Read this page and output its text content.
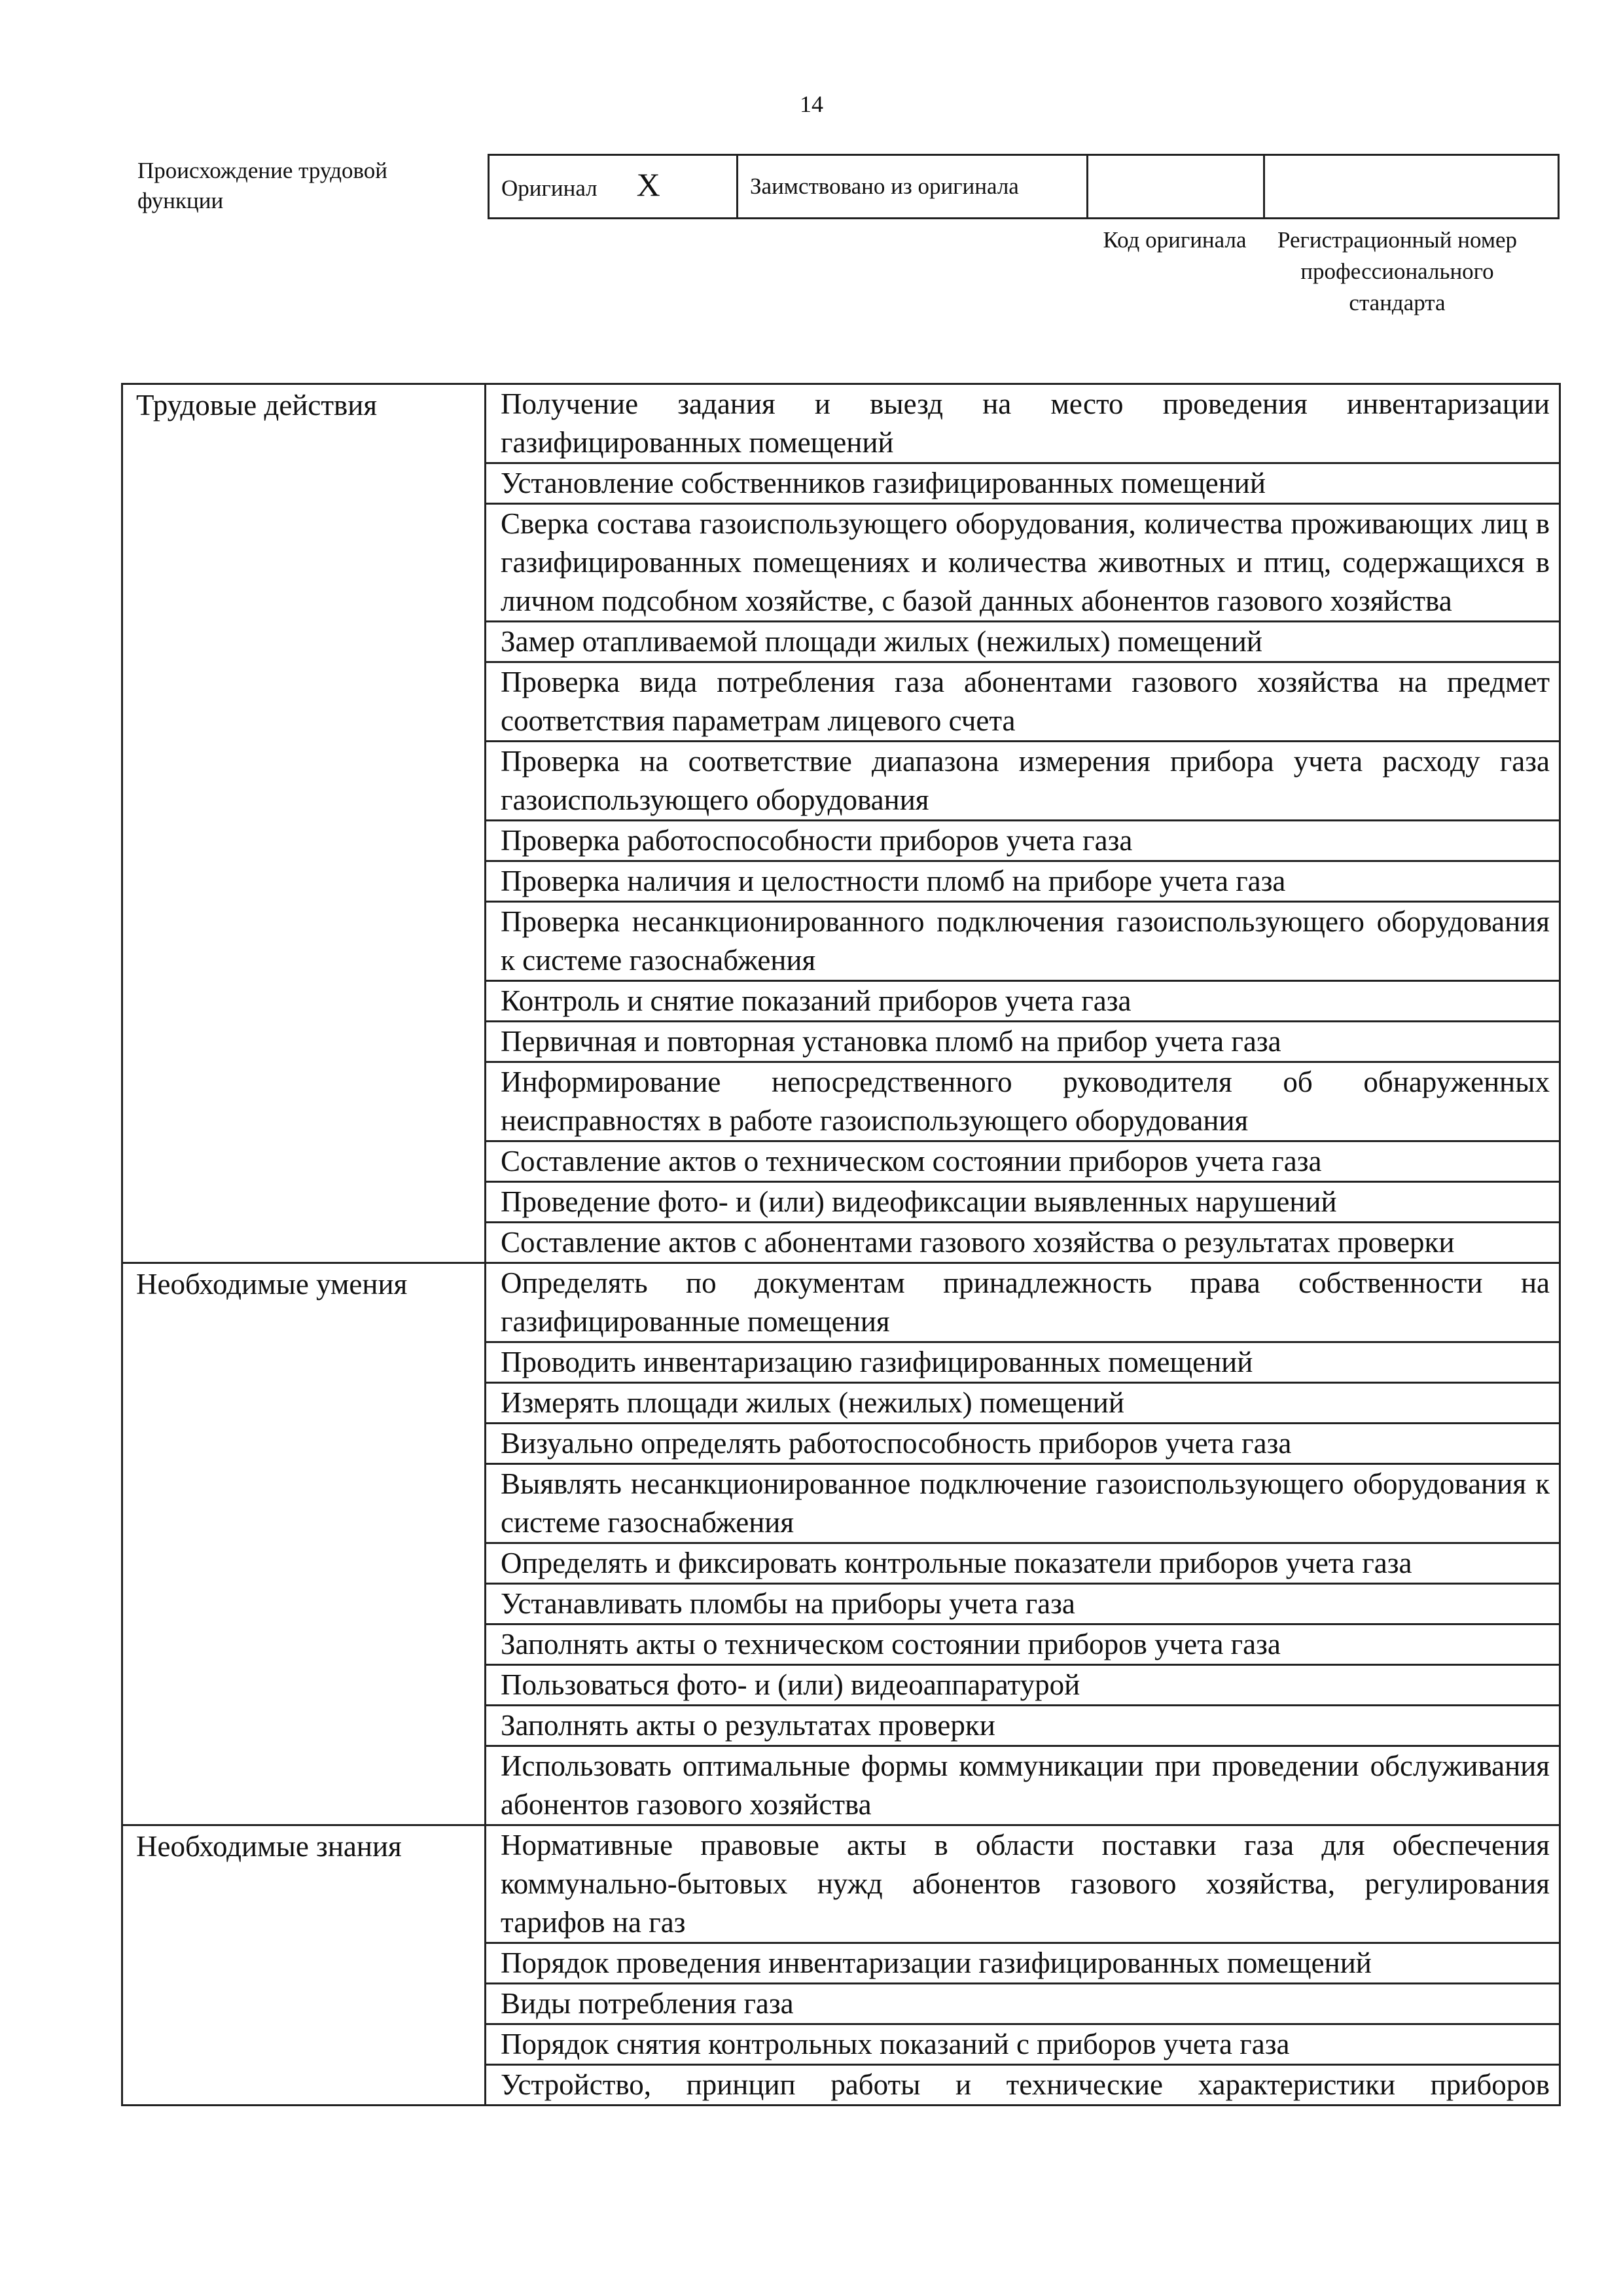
14
Происхождение трудовой функции	Оригинал X	Заимствовано из оригинала		
Код оригинала	Регистрационный номер профессионального стандарта
Трудовые действия	Получение задания и выезд на место проведения инвентаризации газифицированных помещений
	Установление собственников газифицированных помещений
	Сверка состава газоиспользующего оборудования, количества проживающих лиц в газифицированных помещениях и количества животных и птиц, содержащихся в личном подсобном хозяйстве, с базой данных абонентов газового хозяйства
	Замер отапливаемой площади жилых (нежилых) помещений
	Проверка вида потребления газа абонентами газового хозяйства на предмет соответствия параметрам лицевого счета
	Проверка на соответствие диапазона измерения прибора учета расходу газа газоиспользующего оборудования
	Проверка работоспособности приборов учета газа
	Проверка наличия и целостности пломб на приборе учета газа
	Проверка несанкционированного подключения газоиспользующего оборудования к системе газоснабжения
	Контроль и снятие показаний приборов учета газа
	Первичная и повторная установка пломб на прибор учета газа
	Информирование непосредственного руководителя об обнаруженных неисправностях в работе газоиспользующего оборудования
	Составление актов о техническом состоянии приборов учета газа
	Проведение фото- и (или) видеофиксации выявленных нарушений
	Составление актов с абонентами газового хозяйства о результатах проверки
Необходимые умения	Определять по документам принадлежность права собственности на газифицированные помещения
	Проводить инвентаризацию газифицированных помещений
	Измерять площади жилых (нежилых) помещений
	Визуально определять работоспособность приборов учета газа
	Выявлять несанкционированное подключение газоиспользующего оборудования к системе газоснабжения
	Определять и фиксировать контрольные показатели приборов учета газа
	Устанавливать пломбы на приборы учета газа
	Заполнять акты о техническом состоянии приборов учета газа
	Пользоваться фото- и (или) видеоаппаратурой
	Заполнять акты о результатах проверки
	Использовать оптимальные формы коммуникации при проведении обслуживания абонентов газового хозяйства
Необходимые знания	Нормативные правовые акты в области поставки газа для обеспечения коммунально-бытовых нужд абонентов газового хозяйства, регулирования тарифов на газ
	Порядок проведения инвентаризации газифицированных помещений
	Виды потребления газа
	Порядок снятия контрольных показаний с приборов учета газа
	Устройство, принцип работы и технические характеристики приборов
